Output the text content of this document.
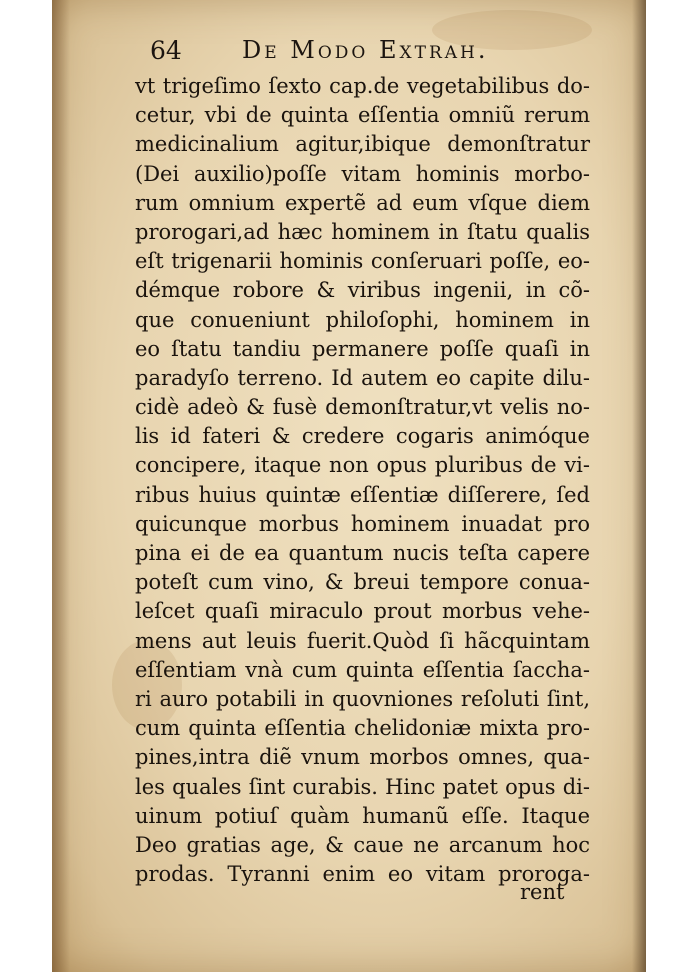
64	De Modo Extrah.
vt trigeſimo ſexto cap.de vegetabilibus do-
cetur, vbi de quinta eſſentia omniũ rerum
medicinalium agitur,ibique demonſtratur
(Dei auxilio)poſſe vitam hominis morbo-
rum omnium expertẽ ad eum vſque diem
prorogari,ad hæc hominem in ſtatu qualis
eſt trigenarii hominis conſeruari poſſe, eo-
démque robore & viribus ingenii, in cõ-
que conueniunt philoſophi, hominem in
eo ſtatu tandiu permanere poſſe quaſi in
paradyſo terreno. Id autem eo capite dilu-
cidè adeò & fusè demonſtratur,vt velis no-
lis id fateri & credere cogaris animóque
concipere, itaque non opus pluribus de vi-
ribus huius quintæ eſſentiæ diſſerere, ſed
quicunque morbus hominem inuadat pro
pina ei de ea quantum nucis teſta capere
poteſt cum vino, & breui tempore conua-
leſcet quaſi miraculo prout morbus vehe-
mens aut leuis fuerit.Quòd ſi hãcquintam
eſſentiam vnà cum quinta eſſentia ſaccha-
ri auro potabili in quovniones reſoluti ſint,
cum quinta eſſentia chelidoniæ mixta pro-
pines,intra diẽ vnum morbos omnes, qua-
les quales ſint curabis. Hinc patet opus di-
uinum potiuſ quàm humanũ eſſe. Itaque
Deo gratias age, & caue ne arcanum hoc
prodas. Tyranni enim eo vitam proroga-
rent
